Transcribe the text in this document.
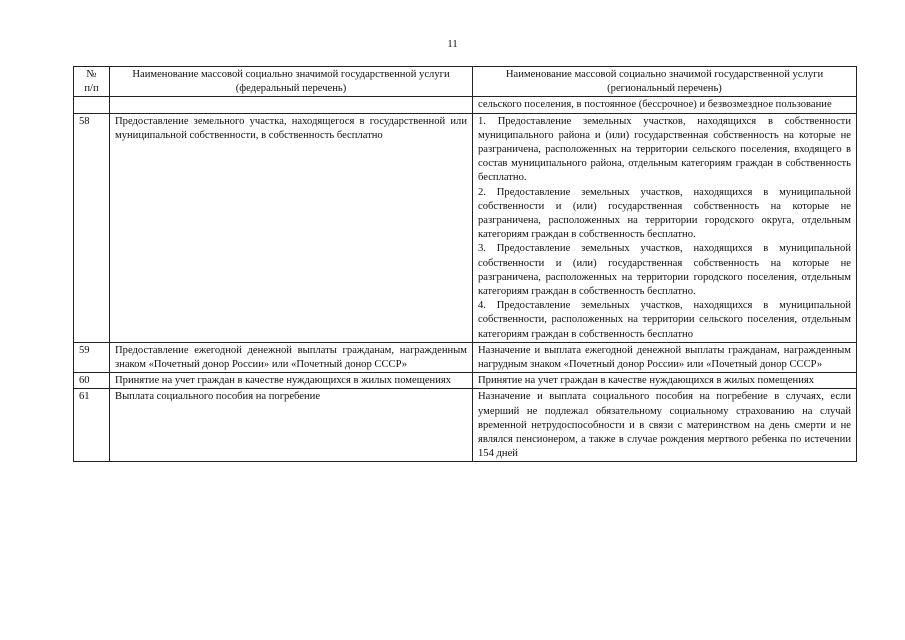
11
№
п/п	Наименование массовой социально значимой государственной услуги (федеральный перечень)	Наименование массовой социально значимой государственной услуги (региональный перечень)

		сельского поселения, в постоянное (бессрочное) и безвозмездное пользование

58	Предоставление земельного участка, находящегося в государственной или муниципальной собственности, в собственность бесплатно	1. Предоставление земельных участков, находящихся в собственности муниципального района и (или) государственная собственность на которые не разграничена, расположенных на территории сельского поселения, входящего в состав муниципального района, отдельным категориям граждан в собственность бесплатно.
2. Предоставление земельных участков, находящихся в муниципальной собственности и (или) государственная собственность на которые не разграничена, расположенных на территории городского округа, отдельным категориям граждан в собственность бесплатно.
3. Предоставление земельных участков, находящихся в муниципальной собственности и (или) государственная собственность на которые не разграничена, расположенных на территории городского поселения, отдельным категориям граждан в собственность бесплатно.
4. Предоставление земельных участков, находящихся в муниципальной собственности, расположенных на территории сельского поселения, отдельным категориям граждан в собственность бесплатно

59	Предоставление ежегодной денежной выплаты гражданам, награжденным знаком «Почетный донор России» или «Почетный донор СССР»	Назначение и выплата ежегодной денежной выплаты гражданам, награжденным нагрудным знаком «Почетный донор России» или «Почетный донор СССР»

60	Принятие на учет граждан в качестве нуждающихся в жилых помещениях	Принятие на учет граждан в качестве нуждающихся в жилых помещениях

61	Выплата социального пособия на погребение	Назначение и выплата социального пособия на погребение в случаях, если умерший не подлежал обязательному социальному страхованию на случай временной нетрудоспособности и в связи с материнством на день смерти и не являлся пенсионером, а также в случае рождения мертвого ребенка по истечении 154 дней
